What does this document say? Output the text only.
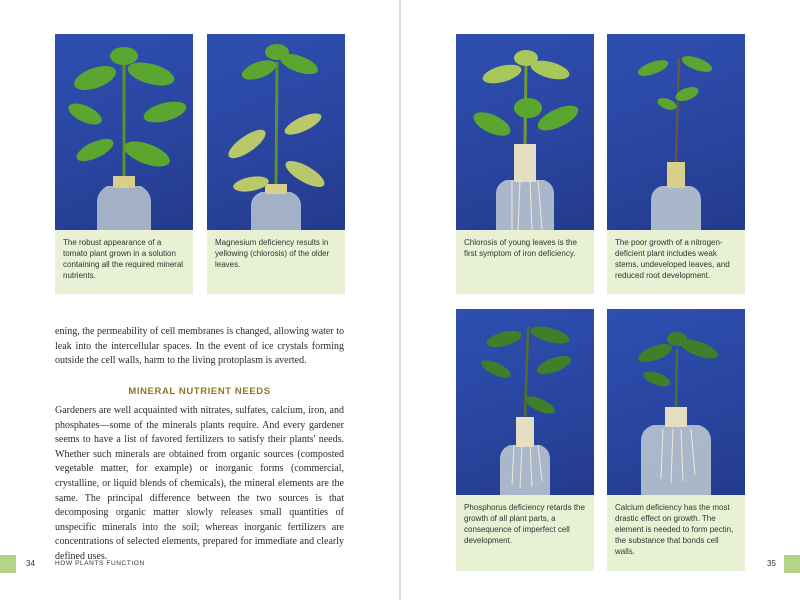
The robust appearance of a tomato plant grown in a solution containing all the required mineral nutrients.
Magnesium deficiency results in yellowing (chlorosis) of the older leaves.

ening, the permeability of cell membranes is changed, allowing water to leak into the intercellular spaces. In the event of ice crystals forming outside the cell walls, harm to the living protoplasm is averted.

MINERAL NUTRIENT NEEDS

Gardeners are well acquainted with nitrates, sulfates, calcium, iron, and phosphates—some of the minerals plants require. And every gardener seems to have a list of favored fertilizers to satisfy their plants' needs. Whether such minerals are obtained from organic sources (composted vegetable matter, for example) or inorganic forms (commercial, crystalline, or liquid blends of chemicals), the mineral elements are the same. The principal difference between the two sources is that decomposing organic matter slowly releases small quantities of unspecific minerals into the soil; whereas inorganic fertilizers are concentrations of selected elements, prepared for immediate and clearly defined uses.

34	HOW PLANTS FUNCTION
Chlorosis of young leaves is the first symptom of iron deficiency.
The poor growth of a nitrogen-deficient plant includes weak stems, undeveloped leaves, and reduced root development.
Phosphorus deficiency retards the growth of all plant parts, a consequence of imperfect cell development.
Calcium deficiency has the most drastic effect on growth. The element is needed to form pectin, the substance that bonds cell walls.
35
